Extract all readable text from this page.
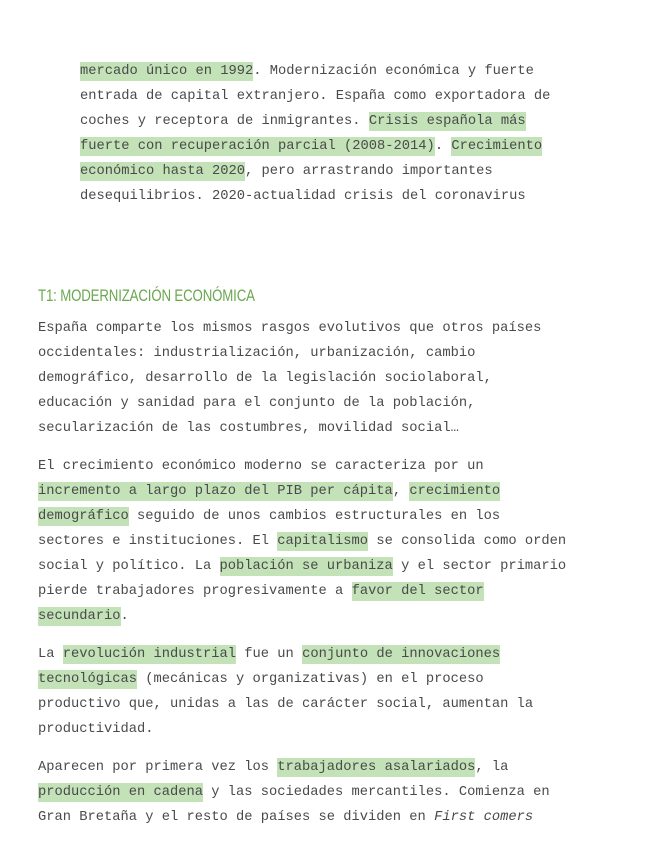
mercado único en 1992. Modernización económica y fuerte
entrada de capital extranjero. España como exportadora de
coches y receptora de inmigrantes. Crisis española más
fuerte con recuperación parcial (2008-2014). Crecimiento
económico hasta 2020, pero arrastrando importantes
desequilibrios. 2020-actualidad crisis del coronavirus
T1: MODERNIZACIÓN ECONÓMICA
España comparte los mismos rasgos evolutivos que otros países
occidentales: industrialización, urbanización, cambio
demográfico, desarrollo de la legislación sociolaboral,
educación y sanidad para el conjunto de la población,
secularización de las costumbres, movilidad social…
El crecimiento económico moderno se caracteriza por un
incremento a largo plazo del PIB per cápita, crecimiento
demográfico seguido de unos cambios estructurales en los
sectores e instituciones. El capitalismo se consolida como orden
social y político. La población se urbaniza y el sector primario
pierde trabajadores progresivamente a favor del sector
secundario.
La revolución industrial fue un conjunto de innovaciones
tecnológicas (mecánicas y organizativas) en el proceso
productivo que, unidas a las de carácter social, aumentan la
productividad.
Aparecen por primera vez los trabajadores asalariados, la
producción en cadena y las sociedades mercantiles. Comienza en
Gran Bretaña y el resto de países se dividen en First comers
